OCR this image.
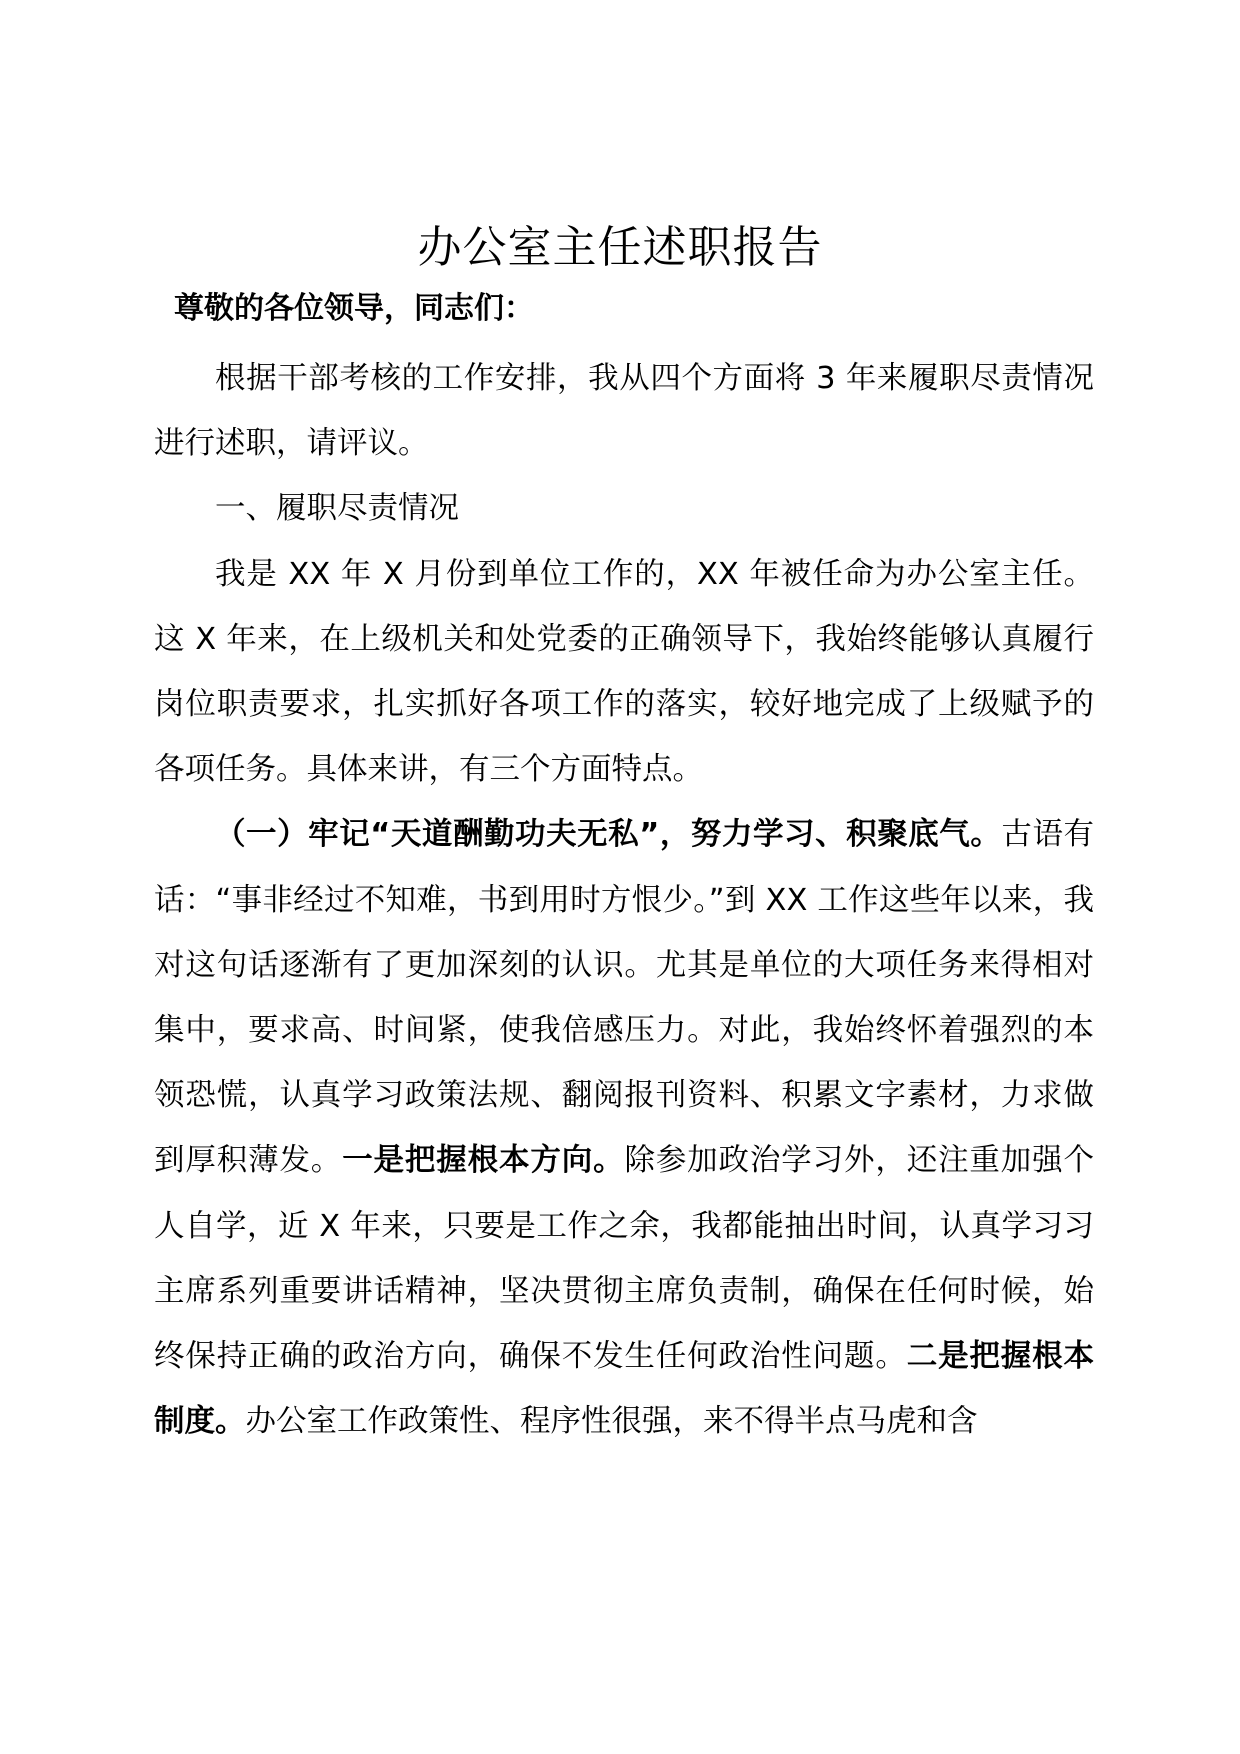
办公室主任述职报告
尊敬的各位领导，同志们：

根据干部考核的工作安排，我从四个方面将 3 年来履职尽责情况进行述职，请评议。

一、履职尽责情况

我是 XX 年 X 月份到单位工作的，XX 年被任命为办公室主任。这 X 年来，在上级机关和处党委的正确领导下，我始终能够认真履行岗位职责要求，扎实抓好各项工作的落实，较好地完成了上级赋予的各项任务。具体来讲，有三个方面特点。

（一）牢记“天道酬勤功夫无私”，努力学习、积聚底气。古语有话：“事非经过不知难，书到用时方恨少。”到 XX 工作这些年以来，我对这句话逐渐有了更加深刻的认识。尤其是单位的大项任务来得相对集中，要求高、时间紧，使我倍感压力。对此，我始终怀着强烈的本领恐慌，认真学习政策法规、翻阅报刊资料、积累文字素材，力求做到厚积薄发。一是把握根本方向。除参加政治学习外，还注重加强个人自学，近 X 年来，只要是工作之余，我都能抽出时间，认真学习习主席系列重要讲话精神，坚决贯彻主席负责制，确保在任何时候，始终保持正确的政治方向，确保不发生任何政治性问题。二是把握根本制度。办公室工作政策性、程序性很强，来不得半点马虎和含
